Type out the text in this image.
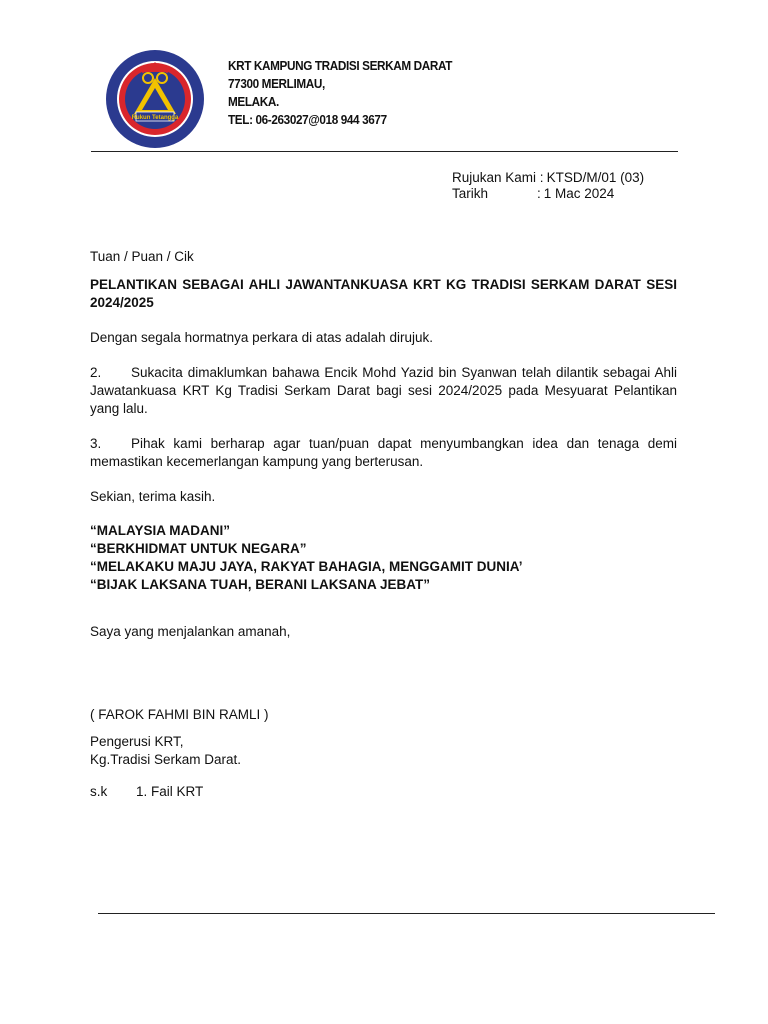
Rukun Tetangga
KRT KAMPUNG TRADISI SERKAM DARAT
77300 MERLIMAU,
MELAKA.
TEL: 06-263027@018 944 3677
Rujukan Kami : KTSD/M/01 (03)
Tarikh	: 1 Mac 2024
Tuan / Puan / Cik

PELANTIKAN SEBAGAI AHLI JAWANTANKUASA KRT KG TRADISI SERKAM DARAT SESI 2024/2025

Dengan segala hormatnya perkara di atas adalah dirujuk.

2. Sukacita dimaklumkan bahawa Encik Mohd Yazid bin Syanwan telah dilantik sebagai Ahli Jawatankuasa KRT Kg Tradisi Serkam Darat bagi sesi 2024/2025 pada Mesyuarat Pelantikan yang lalu.

3. Pihak kami berharap agar tuan/puan dapat menyumbangkan idea dan tenaga demi memastikan kecemerlangan kampung yang berterusan.

Sekian, terima kasih.
“MALAYSIA MADANI”
“BERKHIDMAT UNTUK NEGARA”
“MELAKAKU MAJU JAYA, RAKYAT BAHAGIA, MENGGAMIT DUNIA’
“BIJAK LAKSANA TUAH, BERANI LAKSANA JEBAT”
Saya yang menjalankan amanah,
( FAROK FAHMI BIN RAMLI )
Pengerusi KRT,
Kg.Tradisi Serkam Darat.
s.k 1. Fail KRT
